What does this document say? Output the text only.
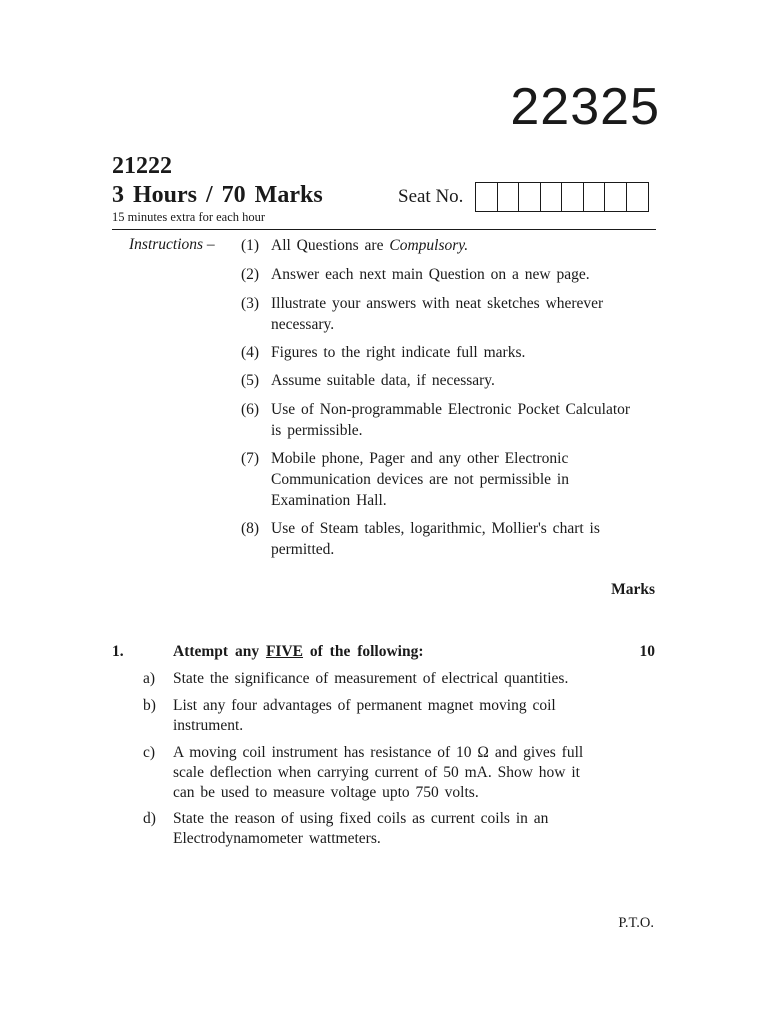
22325
21222
3 Hours / 70 Marks
15 minutes extra for each hour
Seat No.
Instructions – (1) All Questions are Compulsory.
(2) Answer each next main Question on a new page.
(3) Illustrate your answers with neat sketches wherever necessary.
(4) Figures to the right indicate full marks.
(5) Assume suitable data, if necessary.
(6) Use of Non-programmable Electronic Pocket Calculator is permissible.
(7) Mobile phone, Pager and any other Electronic Communication devices are not permissible in Examination Hall.
(8) Use of Steam tables, logarithmic, Mollier's chart is permitted.
Marks
1.	Attempt any FIVE of the following:	10
a) State the significance of measurement of electrical quantities.
b) List any four advantages of permanent magnet moving coil instrument.
c) A moving coil instrument has resistance of 10 Ω and gives full scale deflection when carrying current of 50 mA. Show how it can be used to measure voltage upto 750 volts.
d) State the reason of using fixed coils as current coils in an Electrodynamometer wattmeters.
P.T.O.
